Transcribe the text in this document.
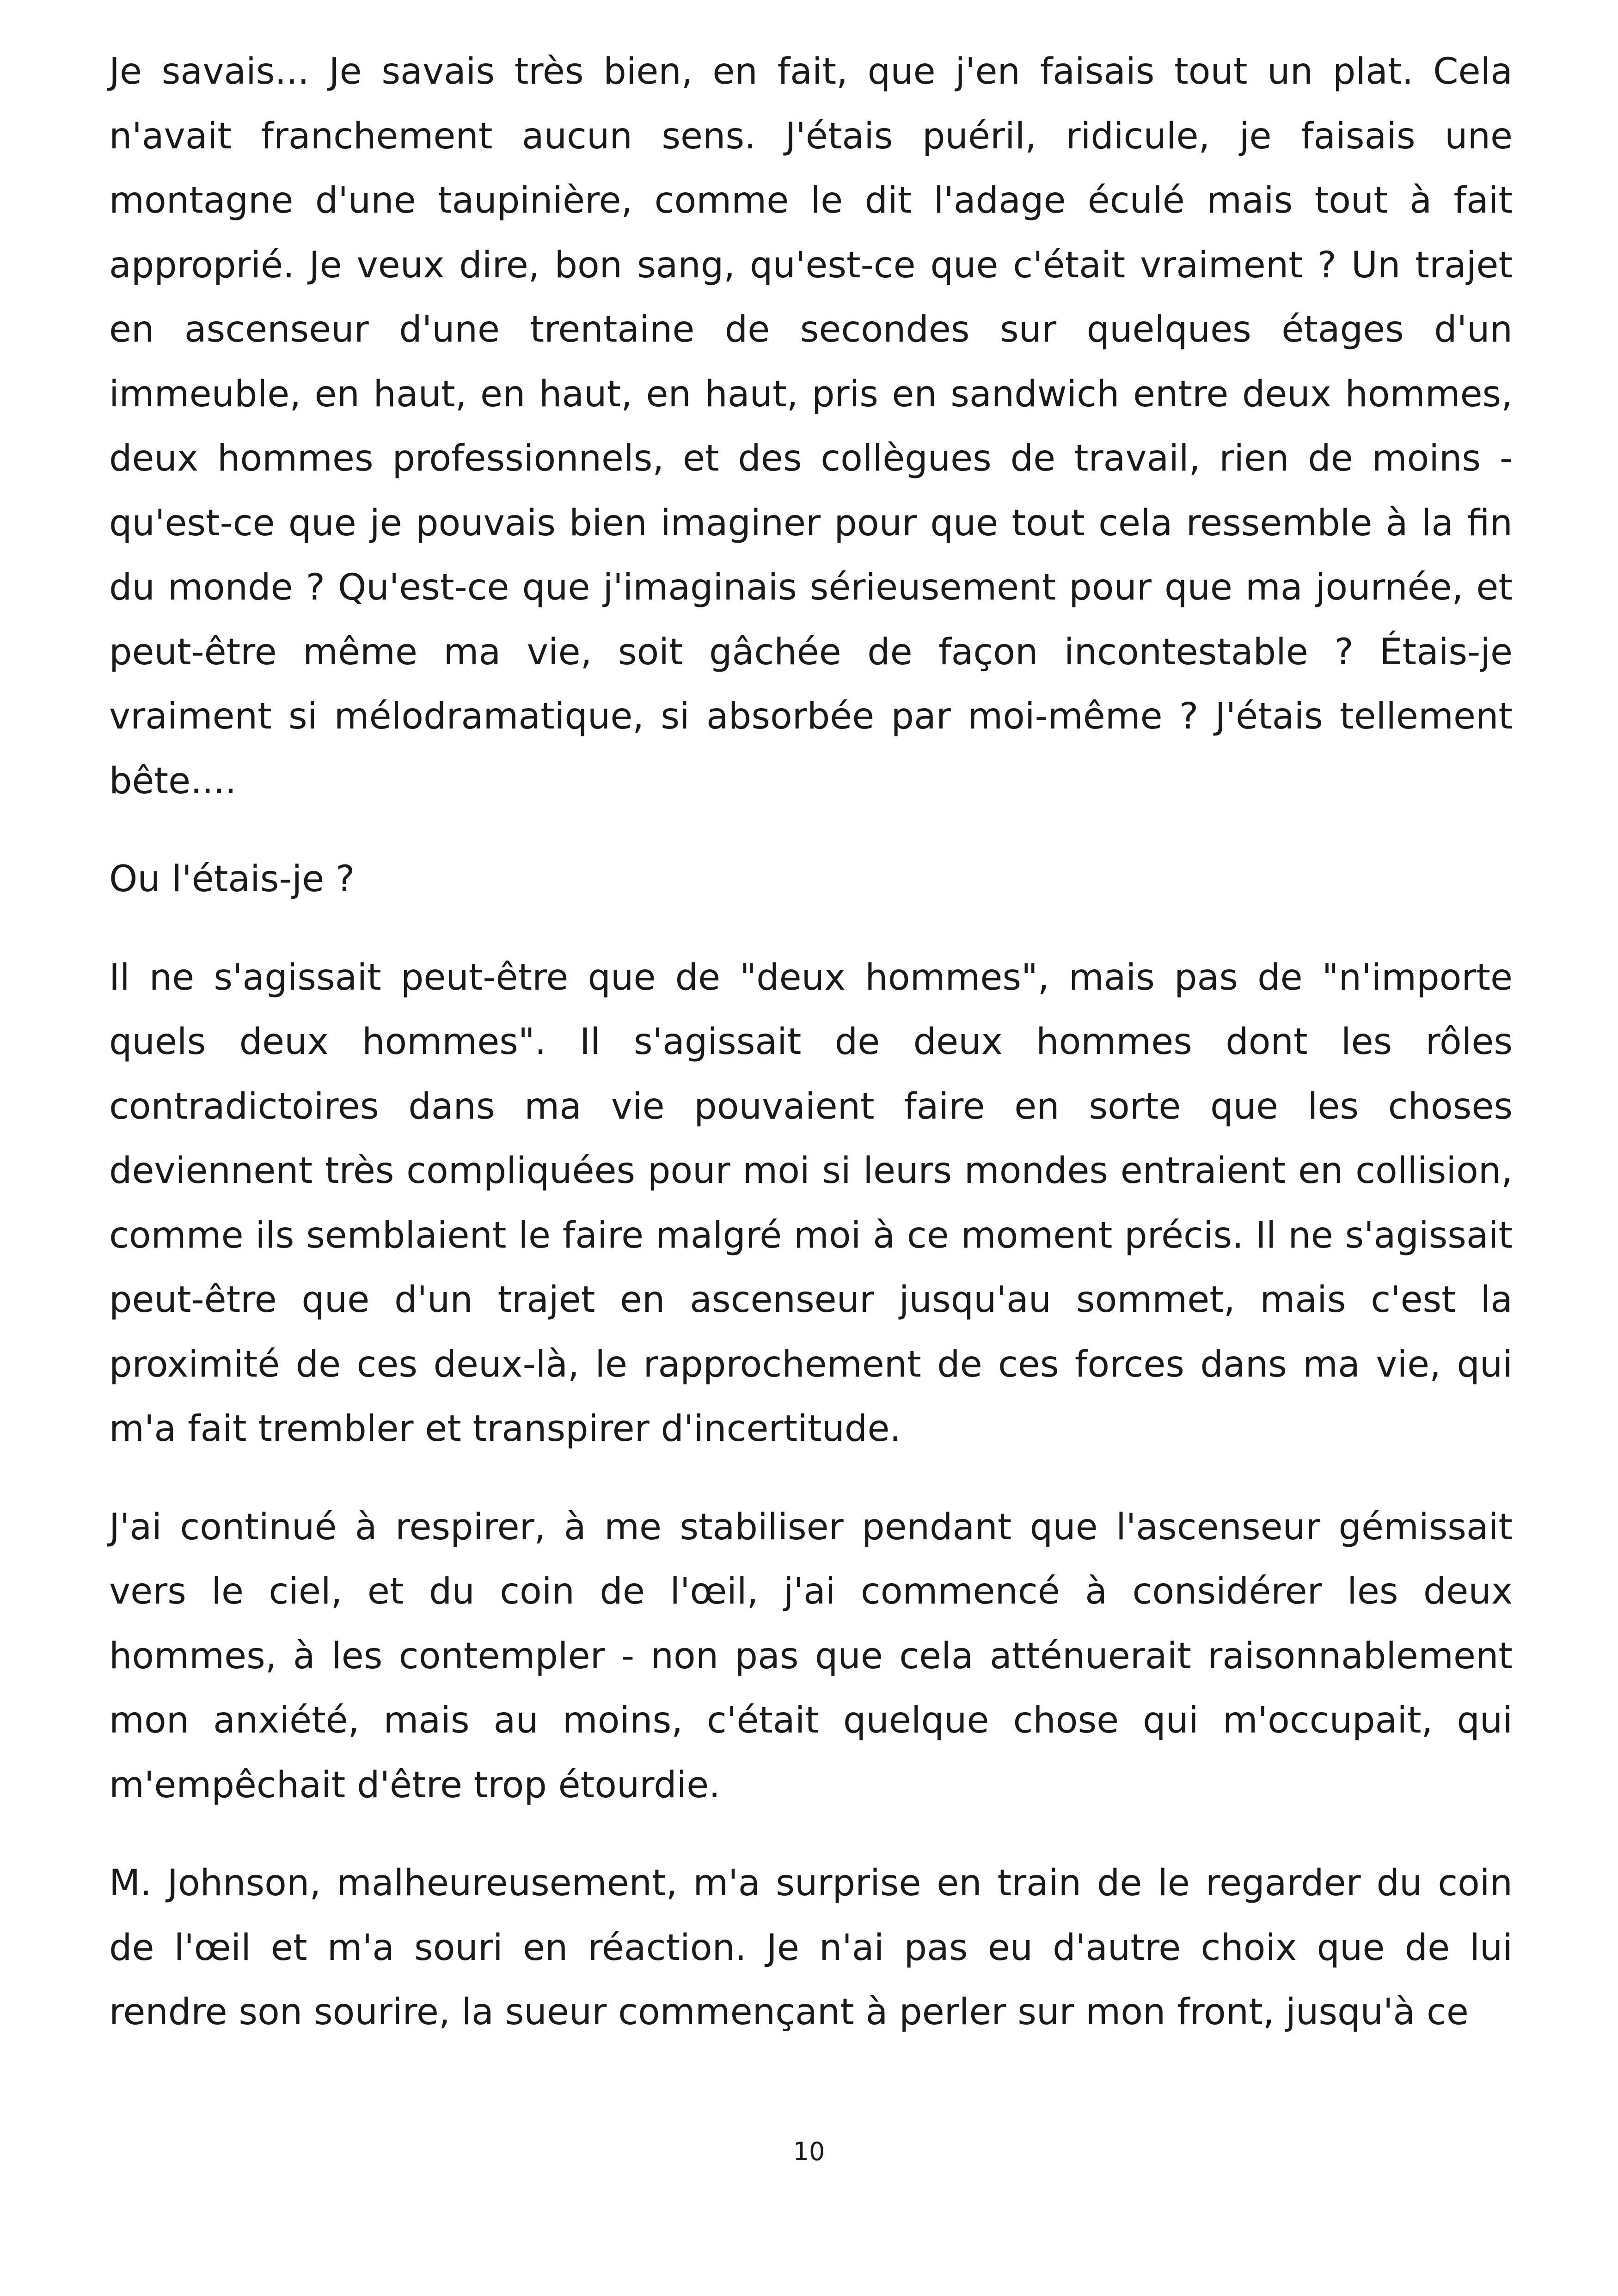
Je savais... Je savais très bien, en fait, que j'en faisais tout un plat. Cela n'avait franchement aucun sens. J'étais puéril, ridicule, je faisais une montagne d'une taupinière, comme le dit l'adage éculé mais tout à fait approprié. Je veux dire, bon sang, qu'est-ce que c'était vraiment ? Un trajet en ascenseur d'une trentaine de secondes sur quelques étages d'un immeuble, en haut, en haut, en haut, pris en sandwich entre deux hommes, deux hommes professionnels, et des collègues de travail, rien de moins - qu'est-ce que je pouvais bien imaginer pour que tout cela ressemble à la fin du monde ? Qu'est-ce que j'imaginais sérieusement pour que ma journée, et peut-être même ma vie, soit gâchée de façon incontestable ? Étais-je vraiment si mélodramatique, si absorbée par moi-même ? J'étais tellement bête....

Ou l'étais-je ?

Il ne s'agissait peut-être que de "deux hommes", mais pas de "n'importe quels deux hommes". Il s'agissait de deux hommes dont les rôles contradictoires dans ma vie pouvaient faire en sorte que les choses deviennent très compliquées pour moi si leurs mondes entraient en collision, comme ils semblaient le faire malgré moi à ce moment précis. Il ne s'agissait peut-être que d'un trajet en ascenseur jusqu'au sommet, mais c'est la proximité de ces deux-là, le rapprochement de ces forces dans ma vie, qui m'a fait trembler et transpirer d'incertitude.

J'ai continué à respirer, à me stabiliser pendant que l'ascenseur gémissait vers le ciel, et du coin de l'œil, j'ai commencé à considérer les deux hommes, à les contempler - non pas que cela atténuerait raisonnablement mon anxiété, mais au moins, c'était quelque chose qui m'occupait, qui m'empêchait d'être trop étourdie.

M. Johnson, malheureusement, m'a surprise en train de le regarder du coin de l'œil et m'a souri en réaction. Je n'ai pas eu d'autre choix que de lui rendre son sourire, la sueur commençant à perler sur mon front, jusqu'à ce

10
